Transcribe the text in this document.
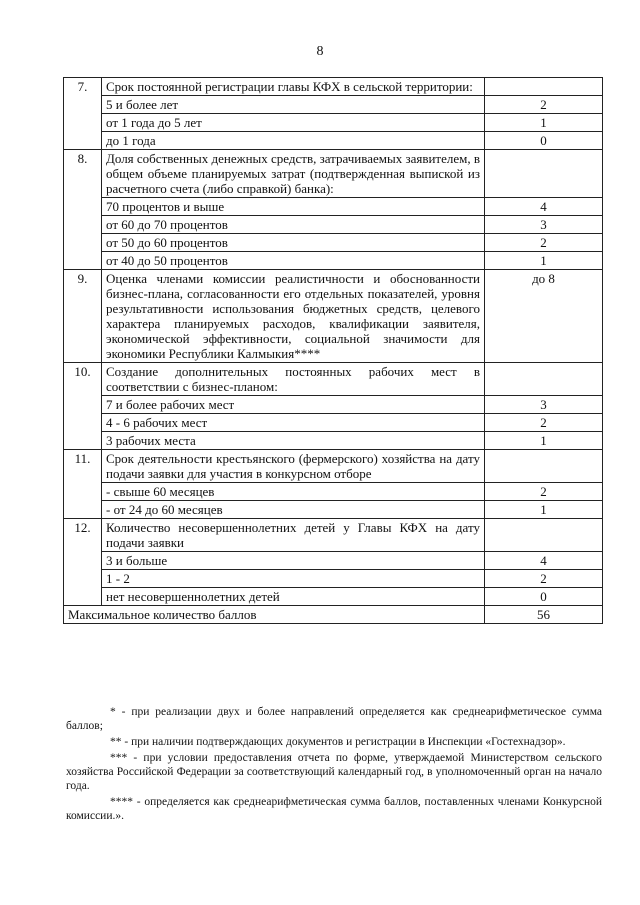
8
7.	Срок постоянной регистрации главы КФХ в сельской территории:	
	5 и более лет	2
	от 1 года до 5 лет	1
	до 1 года	0
8.	Доля собственных денежных средств, затрачиваемых заявителем, в общем объеме планируемых затрат (подтвержденная выпиской из расчетного счета (либо справкой) банка):	
	70 процентов и выше	4
	от 60 до 70 процентов	3
	от 50 до 60 процентов	2
	от 40 до 50 процентов	1
9.	Оценка членами комиссии реалистичности и обоснованности бизнес-плана, согласованности его отдельных показателей, уровня результативности использования бюджетных средств, целевого характера планируемых расходов, квалификации заявителя, экономической эффективности, социальной значимости для экономики Республики Калмыкия****	до 8
10.	Создание дополнительных постоянных рабочих мест в соответствии с бизнес-планом:	
	7 и более рабочих мест	3
	4 - 6 рабочих мест	2
	3 рабочих места	1
11.	Срок деятельности крестьянского (фермерского) хозяйства на дату подачи заявки для участия в конкурсном отборе	
	- свыше 60 месяцев	2
	- от 24 до 60 месяцев	1
12.	Количество несовершеннолетних детей у Главы КФХ на дату подачи заявки	
	3 и больше	4
	1 - 2	2
	нет несовершеннолетних детей	0
Максимальное количество баллов		56

* - при реализации двух и более направлений определяется как среднеарифметическое сумма баллов;

** - при наличии подтверждающих документов и регистрации в Инспекции «Гостехнадзор».

*** - при условии предоставления отчета по форме, утверждаемой Министерством сельского хозяйства Российской Федерации за соответствующий календарный год, в уполномоченный орган на начало года.

**** - определяется как среднеарифметическая сумма баллов, поставленных членами Конкурсной комиссии.».
